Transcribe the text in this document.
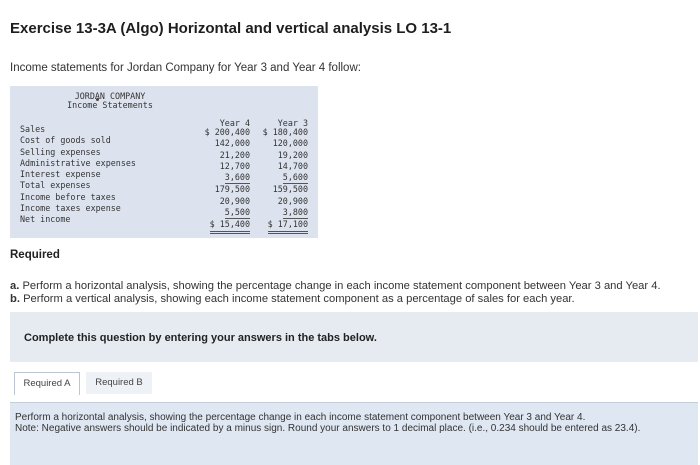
Exercise 13-3A (Algo) Horizontal and vertical analysis LO 13-1
Income statements for Jordan Company for Year 3 and Year 4 follow:
JORDAN COMPANY
Income Statements
Year 4	Year 3
Sales
Cost of goods sold
Selling expenses
Administrative expenses
Interest expense
Total expenses
Income before taxes
Income taxes expense
Net income
$ 200,400
142,000
21,200
12,700
3,600
179,500
20,900
5,500
$ 15,400
$ 180,400
120,000
19,200
14,700
5,600
159,500
20,900
3,800
$ 17,100
Required
a. Perform a horizontal analysis, showing the percentage change in each income statement component between Year 3 and Year 4.
b. Perform a vertical analysis, showing each income statement component as a percentage of sales for each year.
Complete this question by entering your answers in the tabs below.
Required A	Required B
Perform a horizontal analysis, showing the percentage change in each income statement component between Year 3 and Year 4.
Note: Negative answers should be indicated by a minus sign. Round your answers to 1 decimal place. (i.e., 0.234 should be entered as 23.4).
